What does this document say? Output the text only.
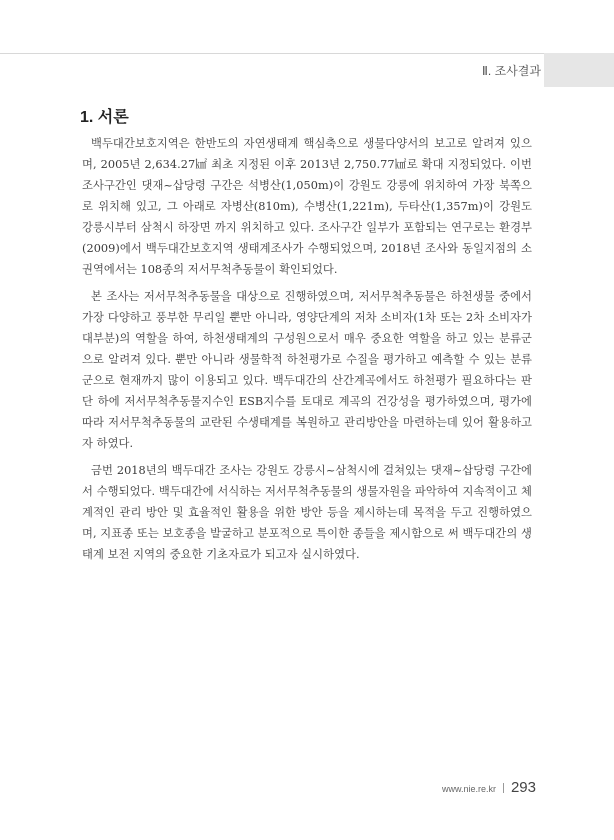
Ⅱ. 조사결과
1. 서론

백두대간보호지역은 한반도의 자연생태계 핵심축으로 생물다양서의 보고로 알려져 있으며, 2005년 2,634.27㎢ 최초 지정된 이후 2013년 2,750.77㎢로 확대 지정되었다. 이번 조사구간인 댓재~삽당령 구간은 석병산(1,050m)이 강원도 강릉에 위치하여 가장 북쪽으로 위치해 있고, 그 아래로 자병산(810m), 수병산(1,221m), 두타산(1,357m)이 강원도 강릉시부터 삼척시 하장면 까지 위치하고 있다. 조사구간 일부가 포함되는 연구로는 환경부(2009)에서 백두대간보호지역 생태계조사가 수행되었으며, 2018년 조사와 동일지점의 소권역에서는 108종의 저서무척추동물이 확인되었다.

본 조사는 저서무척추동물을 대상으로 진행하였으며, 저서무척추동물은 하천생물 중에서 가장 다양하고 풍부한 무리일 뿐만 아니라, 영양단계의 저차 소비자(1차 또는 2차 소비자가 대부분)의 역할을 하여, 하천생태계의 구성원으로서 매우 중요한 역할을 하고 있는 분류군으로 알려져 있다. 뿐만 아니라 생물학적 하천평가로 수질을 평가하고 예측할 수 있는 분류군으로 현재까지 많이 이용되고 있다. 백두대간의 산간계곡에서도 하천평가 필요하다는 판단 하에 저서무척추동물지수인 ESB지수를 토대로 계곡의 건강성을 평가하였으며, 평가에 따라 저서무척추동물의 교란된 수생태계를 복원하고 관리방안을 마련하는데 있어 활용하고자 하였다.

금번 2018년의 백두대간 조사는 강원도 강릉시~삼척시에 걸쳐있는 댓재~삽당령 구간에서 수행되었다. 백두대간에 서식하는 저서무척추동물의 생물자원을 파악하여 지속적이고 체계적인 관리 방안 및 효율적인 활용을 위한 방안 등을 제시하는데 목적을 두고 진행하였으며, 지표종 또는 보호종을 발굴하고 분포적으로 특이한 종들을 제시함으로 써 백두대간의 생태계 보전 지역의 중요한 기초자료가 되고자 실시하였다.

www.nie.re.kr 293
